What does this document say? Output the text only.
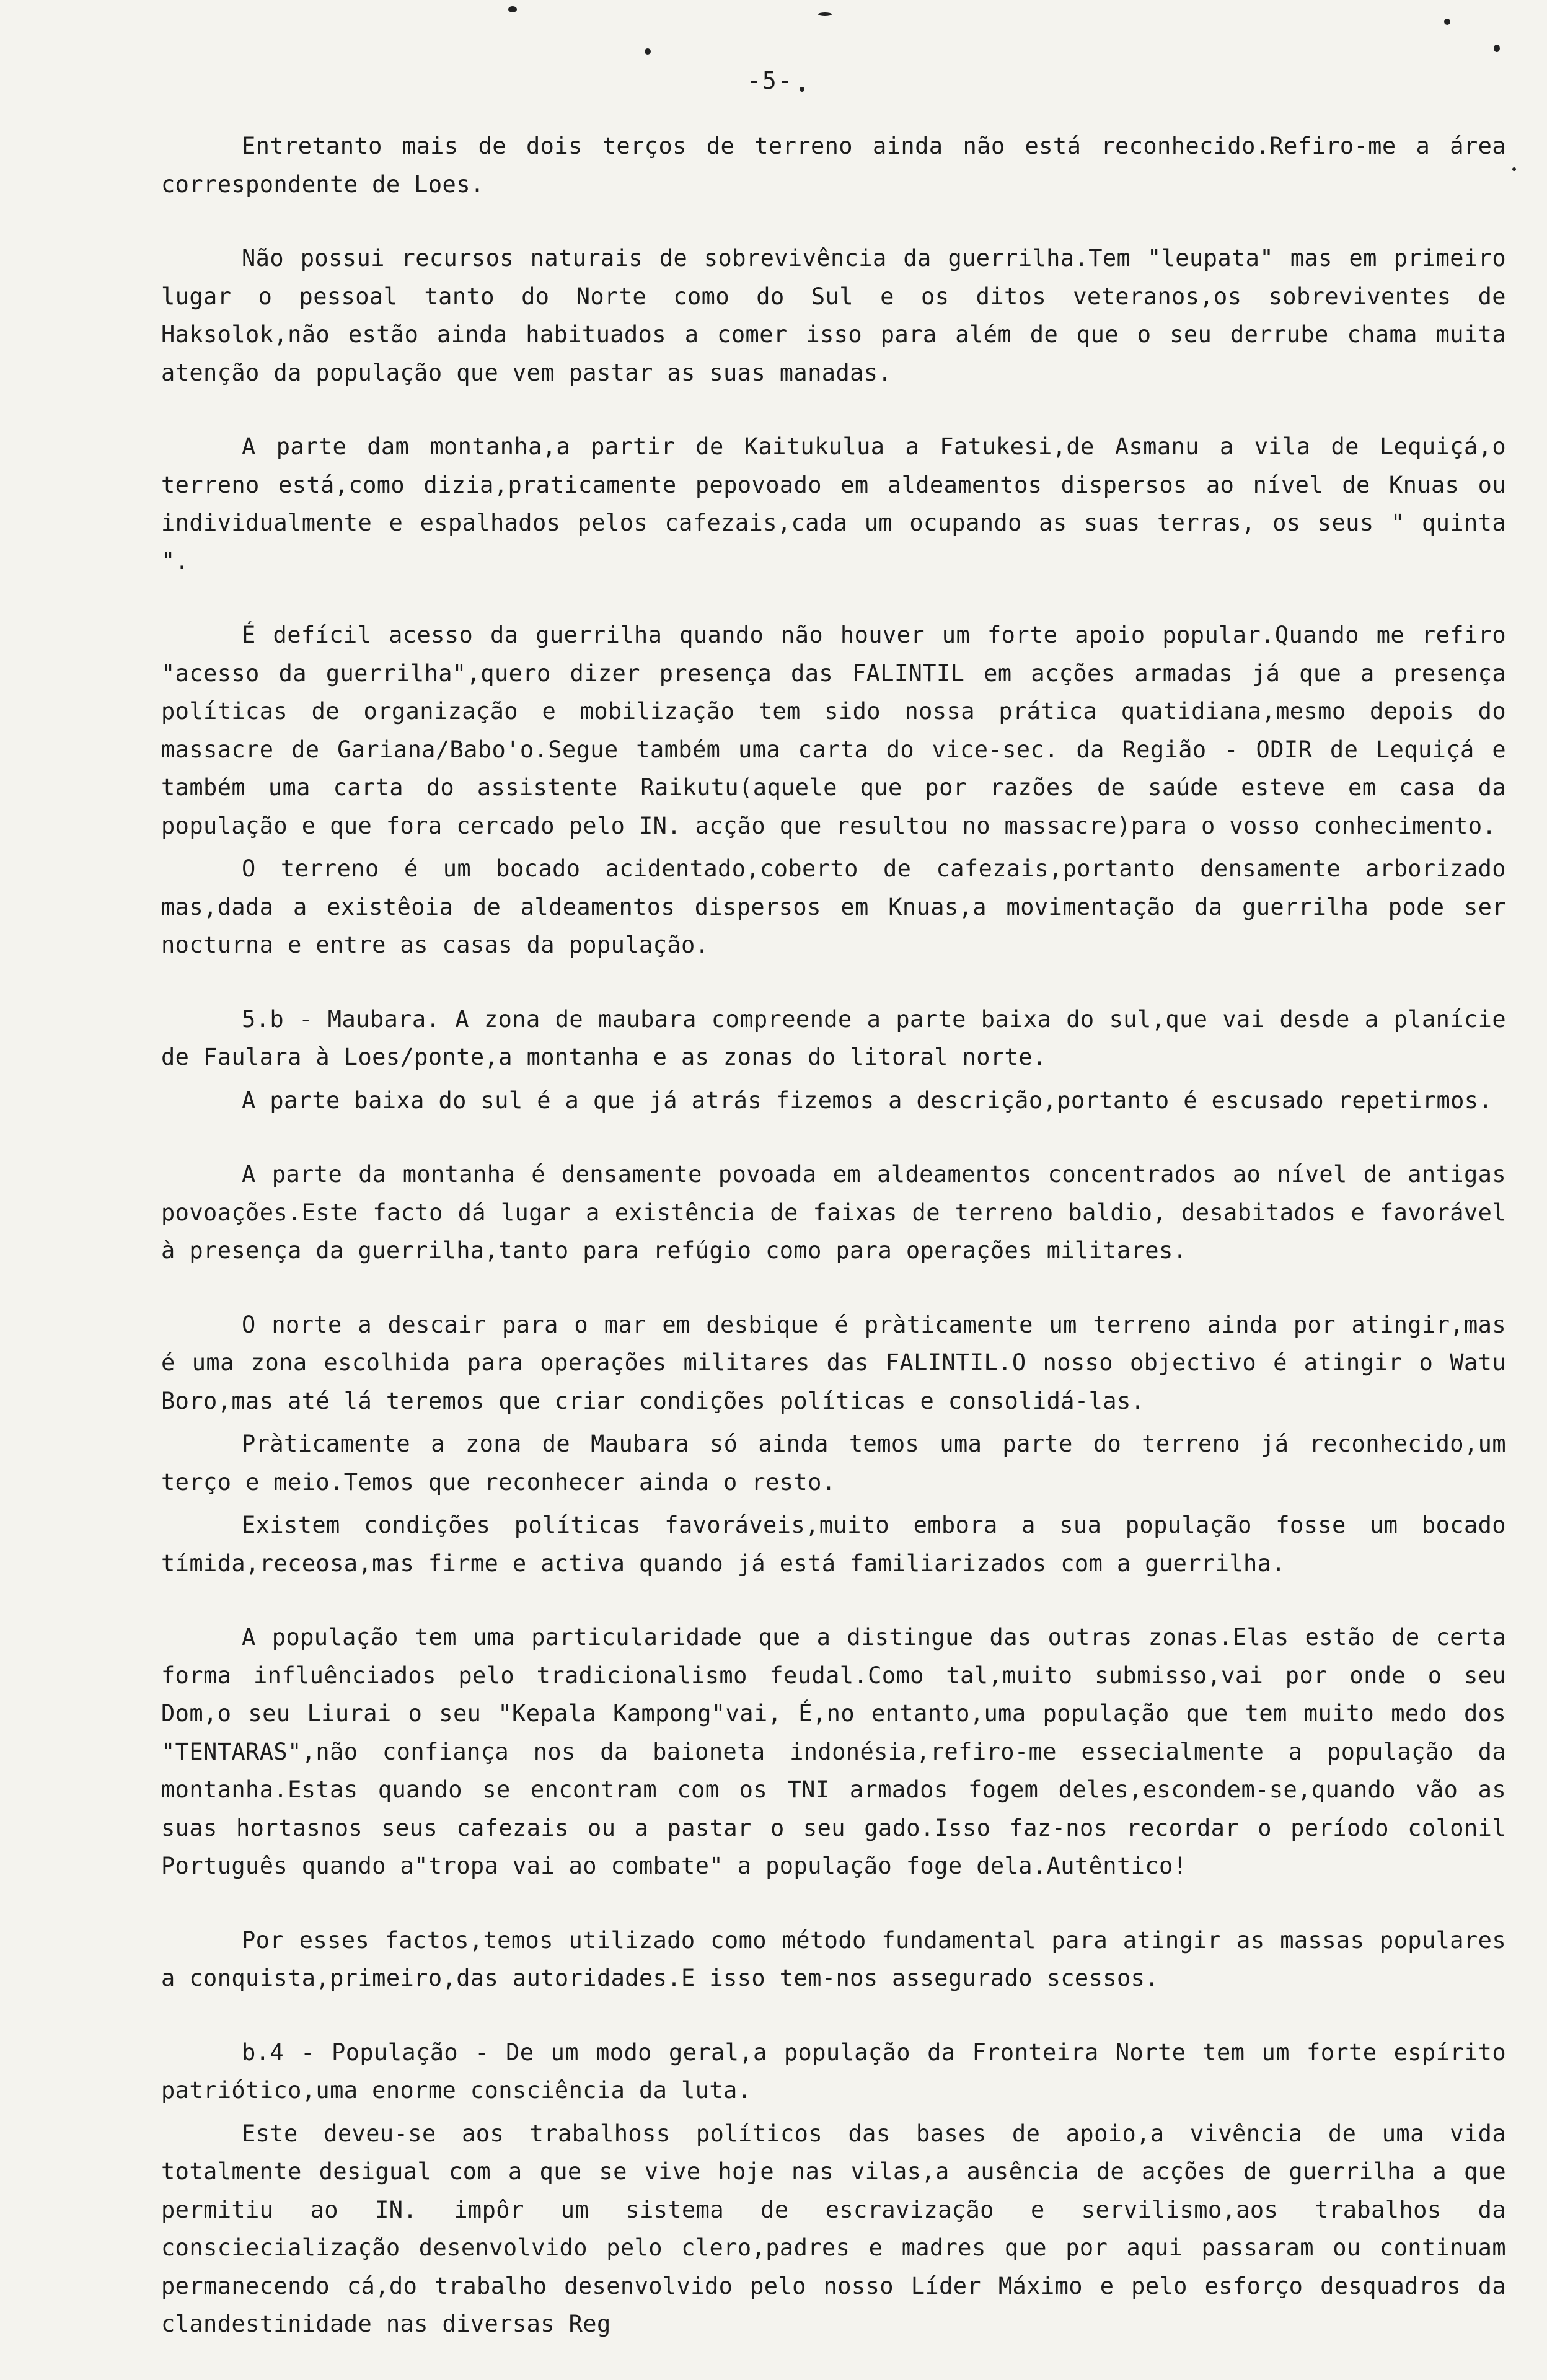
-5-

Entretanto mais de dois terços de terreno ainda não está reconhecido.Refiro-me a área correspondente de Loes.

Não possui recursos naturais de sobrevivência da guerrilha.Tem "leupata" mas em primeiro lugar o pessoal tanto do Norte como do Sul e os ditos veteranos,os sobreviventes de Haksolok,não estão ainda habituados a comer isso para além de que o seu derrube chama muita atenção da população que vem pastar as suas manadas.

A parte dam montanha,a partir de Kaitukulua a Fatukesi,de Asmanu a vila de Lequiçá,o terreno está,como dizia,praticamente pepovoado em aldeamentos dispersos ao nível de Knuas ou individualmente e espalhados pelos cafezais,cada um ocupando as suas terras, os seus " quinta ".

É defícil acesso da guerrilha quando não houver um forte apoio popular.Quando me refiro "acesso da guerrilha",quero dizer presença das FALINTIL em acções armadas já que a presença políticas de organização e mobilização tem sido nossa prática quatidiana,mesmo depois do massacre de Gariana/Babo'o.Segue também uma carta do vice-sec. da Região - ODIR de Lequiçá e também uma carta do assistente Raikutu(aquele que por razões de saúde esteve em casa da população e que fora cercado pelo IN. acção que resultou no massacre)para o vosso conhecimento.

O terreno é um bocado acidentado,coberto de cafezais,portanto densamente arborizado mas,dada a existêoia de aldeamentos dispersos em Knuas,a movimentação da guerrilha pode ser nocturna e entre as casas da população.

5.b - Maubara. A zona de maubara compreende a parte baixa do sul,que vai desde a planície de Faulara à Loes/ponte,a montanha e as zonas do litoral norte.

A parte baixa do sul é a que já atrás fizemos a descrição,portanto é escusado repetirmos.

A parte da montanha é densamente povoada em aldeamentos concentrados ao nível de antigas povoações.Este facto dá lugar a existência de faixas de terreno baldio, desabitados e favorável à presença da guerrilha,tanto para refúgio como para operações militares.

O norte a descair para o mar em desbique é pràticamente um terreno ainda por atingir,mas é uma zona escolhida para operações militares das FALINTIL.O nosso objectivo é atingir o Watu Boro,mas até lá teremos que criar condições políticas e consolidá-las.

Pràticamente a zona de Maubara só ainda temos uma parte do terreno já reconhecido,um terço e meio.Temos que reconhecer ainda o resto.

Existem condições políticas favoráveis,muito embora a sua população fosse um bocado tímida,receosa,mas firme e activa quando já está familiarizados com a guerrilha.

A população tem uma particularidade que a distingue das outras zonas.Elas estão de certa forma influênciados pelo tradicionalismo feudal.Como tal,muito submisso,vai por onde o seu Dom,o seu Liurai o seu "Kepala Kampong"vai, É,no entanto,uma população que tem muito medo dos "TENTARAS",não confiança nos da baioneta indonésia,refiro-me essecialmente a população da montanha.Estas quando se encontram com os TNI armados fogem deles,escondem-se,quando vão as suas hortasnos seus cafezais ou a pastar o seu gado.Isso faz-nos recordar o período colonil Português quando a"tropa vai ao combate" a população foge dela.Autêntico!

Por esses factos,temos utilizado como método fundamental para atingir as massas populares a conquista,primeiro,das autoridades.E isso tem-nos assegurado scessos.

b.4 - População - De um modo geral,a população da Fronteira Norte tem um forte espírito patriótico,uma enorme consciência da luta.

Este deveu-se aos trabalhoss políticos das bases de apoio,a vivência de uma vida totalmente desigual com a que se vive hoje nas vilas,a ausência de acções de guerrilha a que permitiu ao IN. impôr um sistema de escravização e servilismo,aos trabalhos da consciecialização desenvolvido pelo clero,padres e madres que por aqui passaram ou continuam permanecendo cá,do trabalho desenvolvido pelo nosso Líder Máximo e pelo esforço desquadros da clandestinidade nas diversas Reg
